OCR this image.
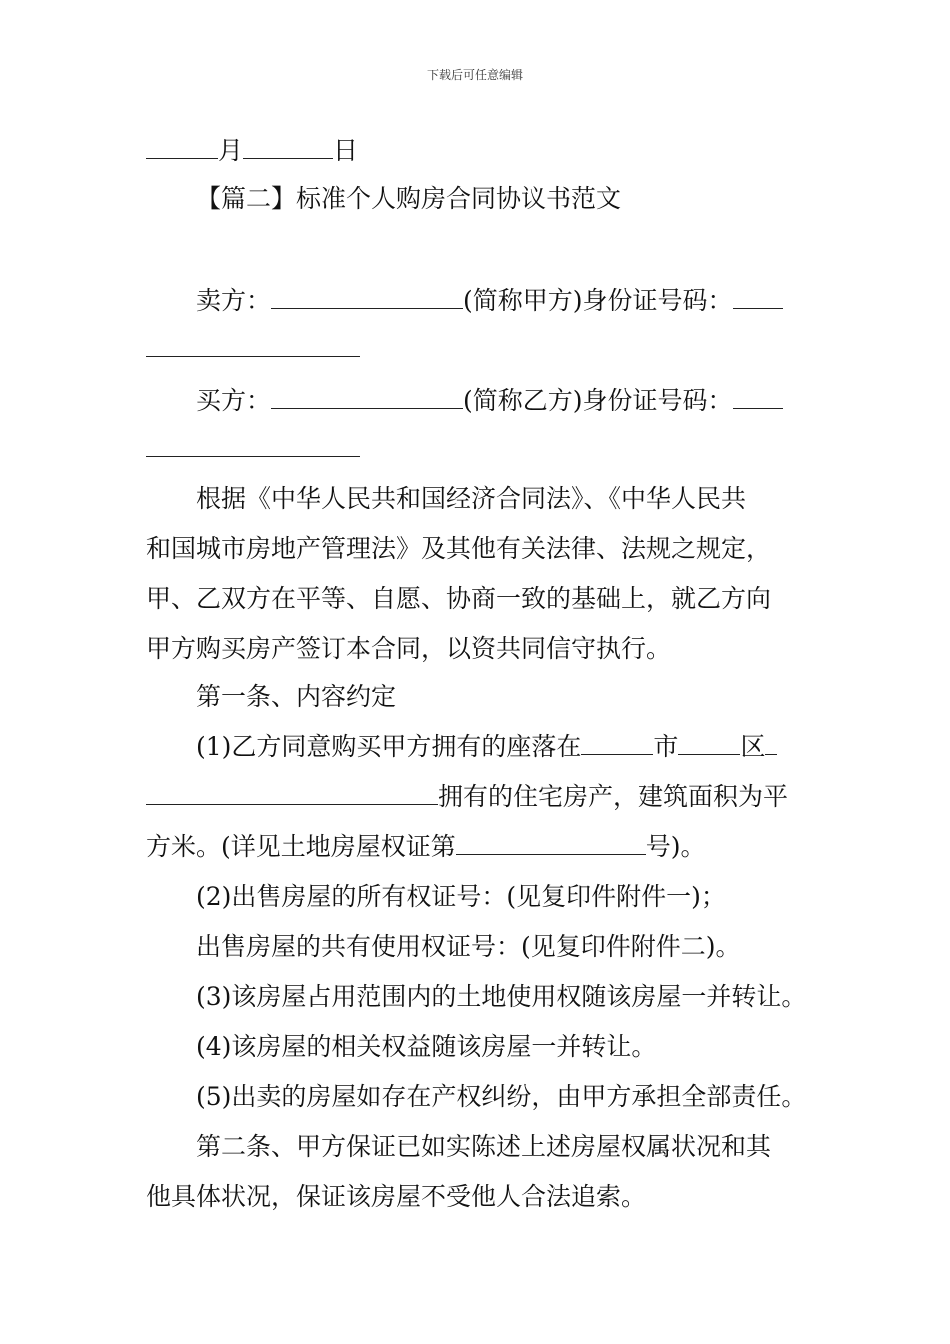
下载后可任意编辑
月	日
【篇二】标准个人购房合同协议书范文
卖方：	(简称甲方)身份证号码：
买方：	(简称乙方)身份证号码：
根据《中华人民共和国经济合同法》、《中华人民共
和国城市房地产管理法》及其他有关法律、法规之规定，
甲、乙双方在平等、自愿、协商一致的基础上，就乙方向
甲方购买房产签订本合同，以资共同信守执行。
第一条、内容约定
(1)乙方同意购买甲方拥有的座落在	市 区
拥有的住宅房产，建筑面积为平
方米。(详见土地房屋权证第	号)。
(2)出售房屋的所有权证号：(见复印件附件一)；
出售房屋的共有使用权证号：(见复印件附件二)。
(3)该房屋占用范围内的土地使用权随该房屋一并转让。
(4)该房屋的相关权益随该房屋一并转让。
(5)出卖的房屋如存在产权纠纷，由甲方承担全部责任。
第二条、甲方保证已如实陈述上述房屋权属状况和其
他具体状况，保证该房屋不受他人合法追索。
